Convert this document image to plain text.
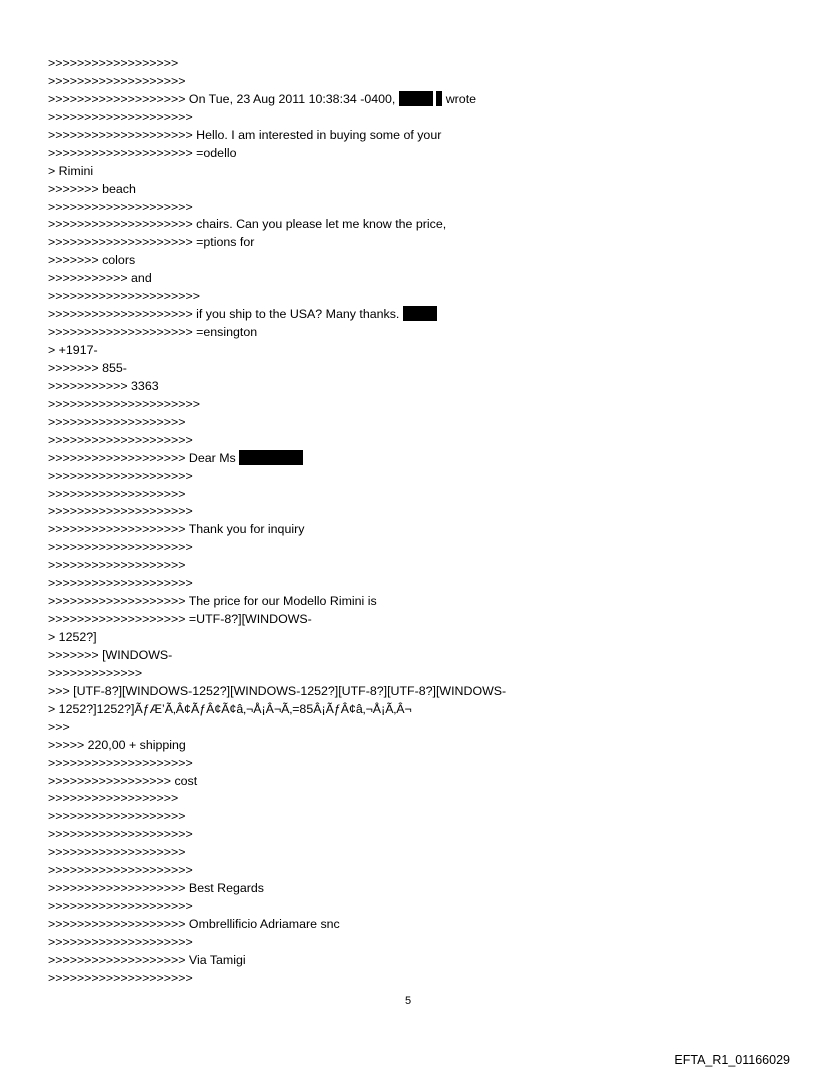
>>>>>>>>>>>>>>>>>>
>>>>>>>>>>>>>>>>>>>
>>>>>>>>>>>>>>>>>>> On Tue, 23 Aug 2011 10:38:34 -0400,	wrote
>>>>>>>>>>>>>>>>>>>>
>>>>>>>>>>>>>>>>>>>> Hello. I am interested in buying some of your
>>>>>>>>>>>>>>>>>>>> =odello
> Rimini
>>>>>>> beach
>>>>>>>>>>>>>>>>>>>>
>>>>>>>>>>>>>>>>>>>> chairs. Can you please let me know the price,
>>>>>>>>>>>>>>>>>>>> =ptions for
>>>>>>> colors
>>>>>>>>>>> and
>>>>>>>>>>>>>>>>>>>>>
>>>>>>>>>>>>>>>>>>>> if you ship to the USA? Many thanks.
>>>>>>>>>>>>>>>>>>>> =ensington
> +1917-
>>>>>>> 855-
>>>>>>>>>>> 3363
>>>>>>>>>>>>>>>>>>>>>
>>>>>>>>>>>>>>>>>>>
>>>>>>>>>>>>>>>>>>>>
>>>>>>>>>>>>>>>>>>> Dear Ms
>>>>>>>>>>>>>>>>>>>>
>>>>>>>>>>>>>>>>>>>
>>>>>>>>>>>>>>>>>>>>
>>>>>>>>>>>>>>>>>>> Thank you for inquiry
>>>>>>>>>>>>>>>>>>>>
>>>>>>>>>>>>>>>>>>>
>>>>>>>>>>>>>>>>>>>>
>>>>>>>>>>>>>>>>>>> The price for our Modello Rimini is
>>>>>>>>>>>>>>>>>>> =UTF-8?][WINDOWS-
> 1252?]
>>>>>>> [WINDOWS-
>>>>>>>>>>>>>
>>> [UTF-8?][WINDOWS-1252?][WINDOWS-1252?][UTF-8?][UTF-8?][WINDOWS-
> 1252?]1252?]ÃƒÆ’Ã‚Â¢ÃƒÂ¢Ã¢â‚¬Å¡Â¬Ã‚=85Â¡ÃƒÂ¢â‚¬Å¡Ã‚Â¬
>>>
>>>>> 220,00 + shipping
>>>>>>>>>>>>>>>>>>>>
>>>>>>>>>>>>>>>>> cost
>>>>>>>>>>>>>>>>>>
>>>>>>>>>>>>>>>>>>>
>>>>>>>>>>>>>>>>>>>>
>>>>>>>>>>>>>>>>>>>
>>>>>>>>>>>>>>>>>>>>
>>>>>>>>>>>>>>>>>>> Best Regards
>>>>>>>>>>>>>>>>>>>>
>>>>>>>>>>>>>>>>>>> Ombrellificio Adriamare snc
>>>>>>>>>>>>>>>>>>>>
>>>>>>>>>>>>>>>>>>> Via Tamigi
>>>>>>>>>>>>>>>>>>>>
5
EFTA_R1_01166029
